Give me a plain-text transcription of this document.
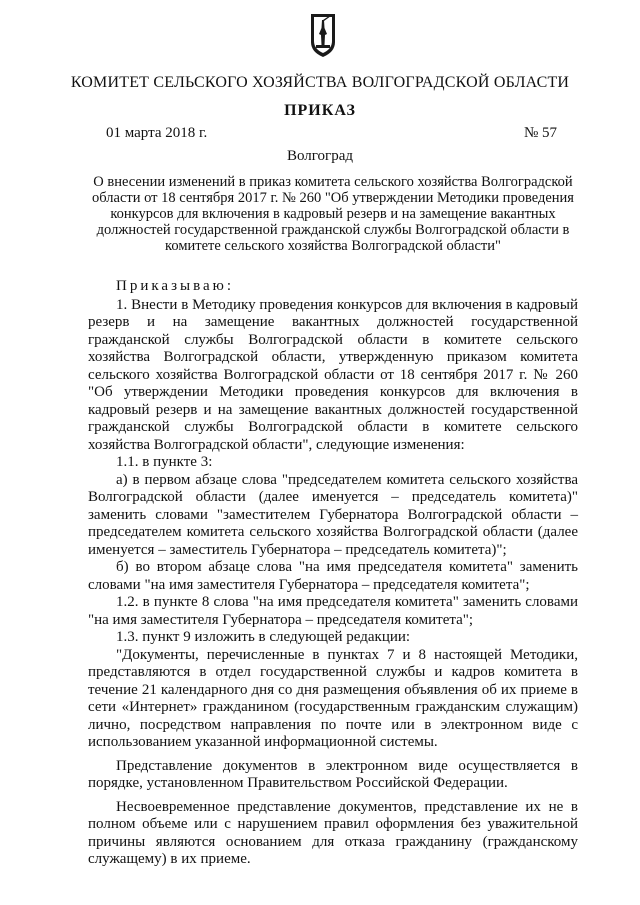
КОМИТЕТ СЕЛЬСКОГО ХОЗЯЙСТВА ВОЛГОГРАДСКОЙ ОБЛАСТИ
ПРИКАЗ
01 марта 2018 г.	№ 57
Волгоград
О внесении изменений в приказ комитета сельского хозяйства Волгоградской области от 18 сентября 2017 г. № 260 "Об утверждении Методики проведения конкурсов для включения в кадровый резерв и на замещение вакантных должностей государственной гражданской службы Волгоградской области в комитете сельского хозяйства Волгоградской области"

Приказываю:

1. Внести в Методику проведения конкурсов для включения в кадровый резерв и на замещение вакантных должностей государственной гражданской службы Волгоградской области в комитете сельского хозяйства Волгоградской области, утвержденную приказом комитета сельского хозяйства Волгоградской области от 18 сентября 2017 г. № 260 "Об утверждении Методики проведения конкурсов для включения в кадровый резерв и на замещение вакантных должностей государственной гражданской службы Волгоградской области в комитете сельского хозяйства Волгоградской области", следующие изменения:

1.1. в пункте 3:

а) в первом абзаце слова "председателем комитета сельского хозяйства Волгоградской области (далее именуется – председатель комитета)" заменить словами "заместителем Губернатора Волгоградской области – председателем комитета сельского хозяйства Волгоградской области (далее именуется – заместитель Губернатора – председатель комитета)";

б) во втором абзаце слова "на имя председателя комитета" заменить словами "на имя заместителя Губернатора – председателя комитета";

1.2. в пункте 8 слова "на имя председателя комитета" заменить словами "на имя заместителя Губернатора – председателя комитета";

1.3. пункт 9 изложить в следующей редакции:

"Документы, перечисленные в пунктах 7 и 8 настоящей Методики, представляются в отдел государственной службы и кадров комитета в течение 21 календарного дня со дня размещения объявления об их приеме в сети «Интернет» гражданином (государственным гражданским служащим) лично, посредством направления по почте или в электронном виде с использованием указанной информационной системы.

Представление документов в электронном виде осуществляется в порядке, установленном Правительством Российской Федерации.

Несвоевременное представление документов, представление их не в полном объеме или с нарушением правил оформления без уважительной причины являются основанием для отказа гражданину (гражданскому служащему) в их приеме.
